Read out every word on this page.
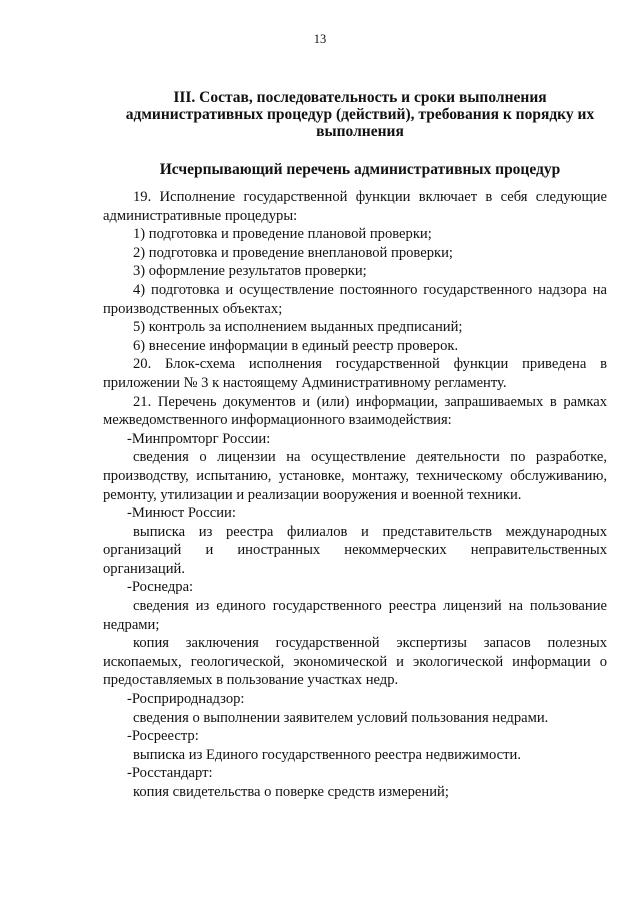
13
III. Состав, последовательность и сроки выполнения
административных процедур (действий), требования к порядку их
выполнения
Исчерпывающий перечень административных процедур

19. Исполнение государственной функции включает в себя следующие административные процедуры:

1) подготовка и проведение плановой проверки;

2) подготовка и проведение внеплановой проверки;

3) оформление результатов проверки;

4) подготовка и осуществление постоянного государственного надзора на производственных объектах;

5) контроль за исполнением выданных предписаний;

6) внесение информации в единый реестр проверок.

20. Блок-схема исполнения государственной функции приведена в приложении № 3 к настоящему Административному регламенту.

21. Перечень документов и (или) информации, запрашиваемых в рамках межведомственного информационного взаимодействия:

-Минпромторг России:

сведения о лицензии на осуществление деятельности по разработке, производству, испытанию, установке, монтажу, техническому обслуживанию, ремонту, утилизации и реализации вооружения и военной техники.

-Минюст России:

выписка из реестра филиалов и представительств международных организаций и иностранных некоммерческих неправительственных организаций.

-Роснедра:

сведения из единого государственного реестра лицензий на пользование недрами;

копия заключения государственной экспертизы запасов полезных ископаемых, геологической, экономической и экологической информации о предоставляемых в пользование участках недр.

-Росприроднадзор:

сведения о выполнении заявителем условий пользования недрами.

-Росреестр:

выписка из Единого государственного реестра недвижимости.

-Росстандарт:

копия свидетельства о поверке средств измерений;
